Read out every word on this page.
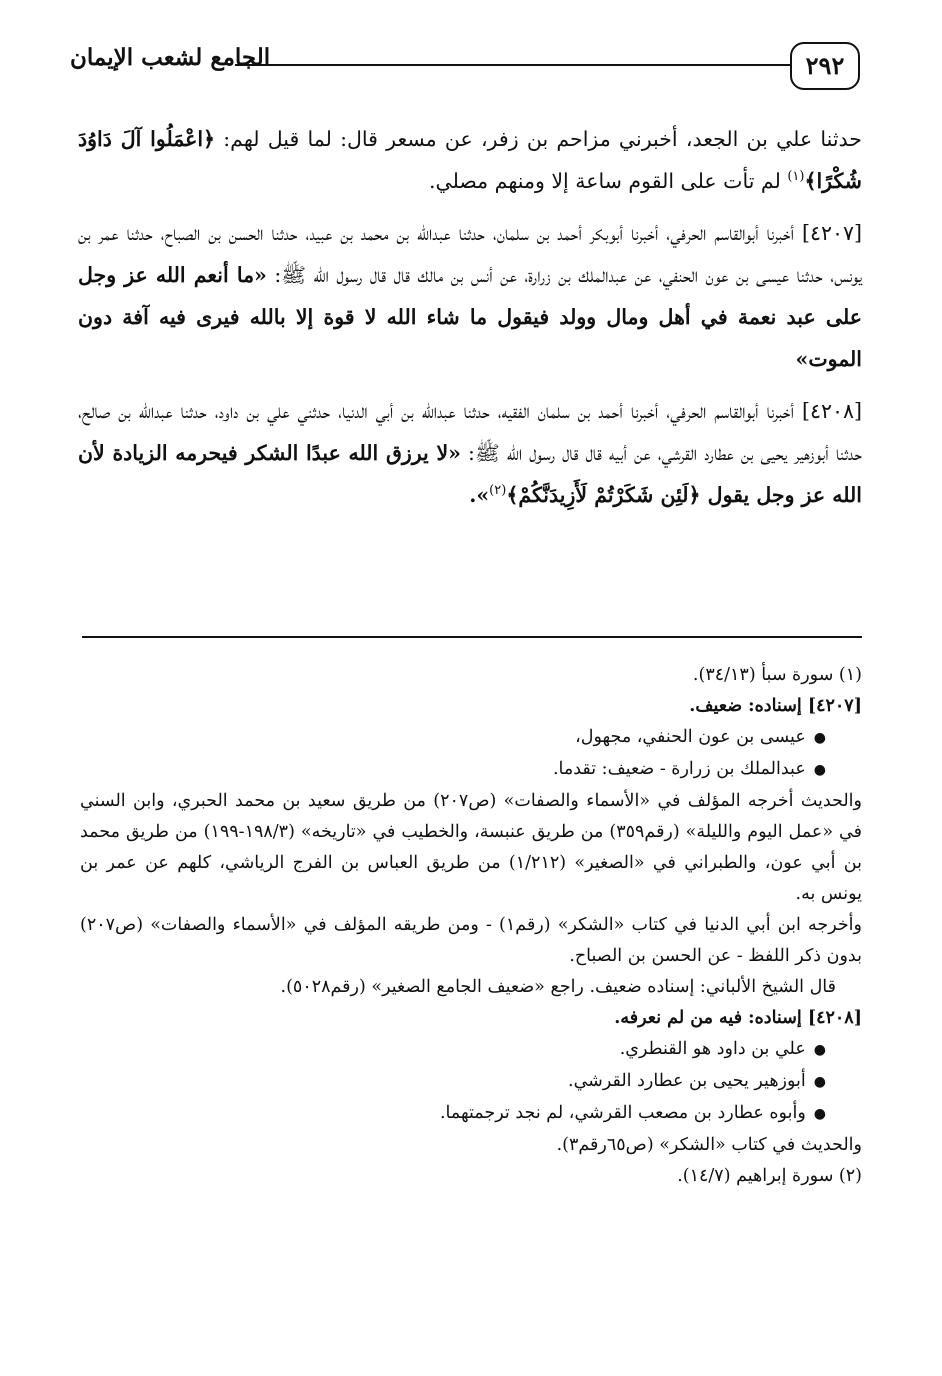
٢٩٢
الجامع لشعب الإيمان

حدثنا علي بن الجعد، أخبرني مزاحم بن زفر، عن مسعر قال: لما قيل لهم: ﴿اعْمَلُوا آلَ دَاوُدَ شُكْرًا﴾$^{(١)}$ لم تأت على القوم ساعة إلا ومنهم مصلي.

[٤٢٠٧] أخبرنا أبوالقاسم الحرفي، أخبرنا أبوبكر أحمد بن سلمان، حدثنا عبدالله بن محمد بن عبيد، حدثنا الحسن بن الصباح، حدثنا عمر بن يونس، حدثنا عيسى بن عون الحنفي، عن عبدالملك بن زرارة، عن أنس بن مالك قال قال رسول الله ﷺ: «ما أنعم الله عز وجل على عبد نعمة في أهل ومال وولد فيقول ما شاء الله لا قوة إلا بالله فيرى فيه آفة دون الموت»

[٤٢٠٨] أخبرنا أبوالقاسم الحرفي، أخبرنا أحمد بن سلمان الفقيه، حدثنا عبدالله بن أبي الدنيا، حدثني علي بن داود، حدثنا عبدالله بن صالح، حدثنا أبوزهير يحيى بن عطارد القرشي، عن أبيه قال قال رسول الله ﷺ: «لا يرزق الله عبدًا الشكر فيحرمه الزيادة لأن الله عز وجل يقول ﴿لَئِن شَكَرْتُمْ لَأَزِيدَنَّكُمْ﴾$^{(٢)}$».

(١) سورة سبأ (٣٤/١٣).

[٤٢٠٧] إسناده: ضعيف.

●عيسى بن عون الحنفي، مجهول،

●عبدالملك بن زرارة - ضعيف: تقدما.

والحديث أخرجه المؤلف في «الأسماء والصفات» (ص٢٠٧) من طريق سعيد بن محمد الحبري، وابن السني في «عمل اليوم والليلة» (رقم٣٥٩) من طريق عنبسة، والخطيب في «تاريخه» (١٩٨/٣-١٩٩) من طريق محمد بن أبي عون، والطبراني في «الصغير» (١/٢١٢) من طريق العباس بن الفرج الرياشي، كلهم عن عمر بن يونس به.

وأخرجه ابن أبي الدنيا في كتاب «الشكر» (رقم١) - ومن طريقه المؤلف في «الأسماء والصفات» (ص٢٠٧) بدون ذكر اللفظ - عن الحسن بن الصباح.

قال الشيخ الألباني: إسناده ضعيف. راجع «ضعيف الجامع الصغير» (رقم٥٠٢٨).

[٤٢٠٨] إسناده: فيه من لم نعرفه.

●علي بن داود هو القنطري.

●أبوزهير يحيى بن عطارد القرشي.

●وأبوه عطارد بن مصعب القرشي، لم نجد ترجمتهما.

والحديث في كتاب «الشكر» (ص٦٥رقم٣).

(٢) سورة إبراهيم (١٤/٧).
